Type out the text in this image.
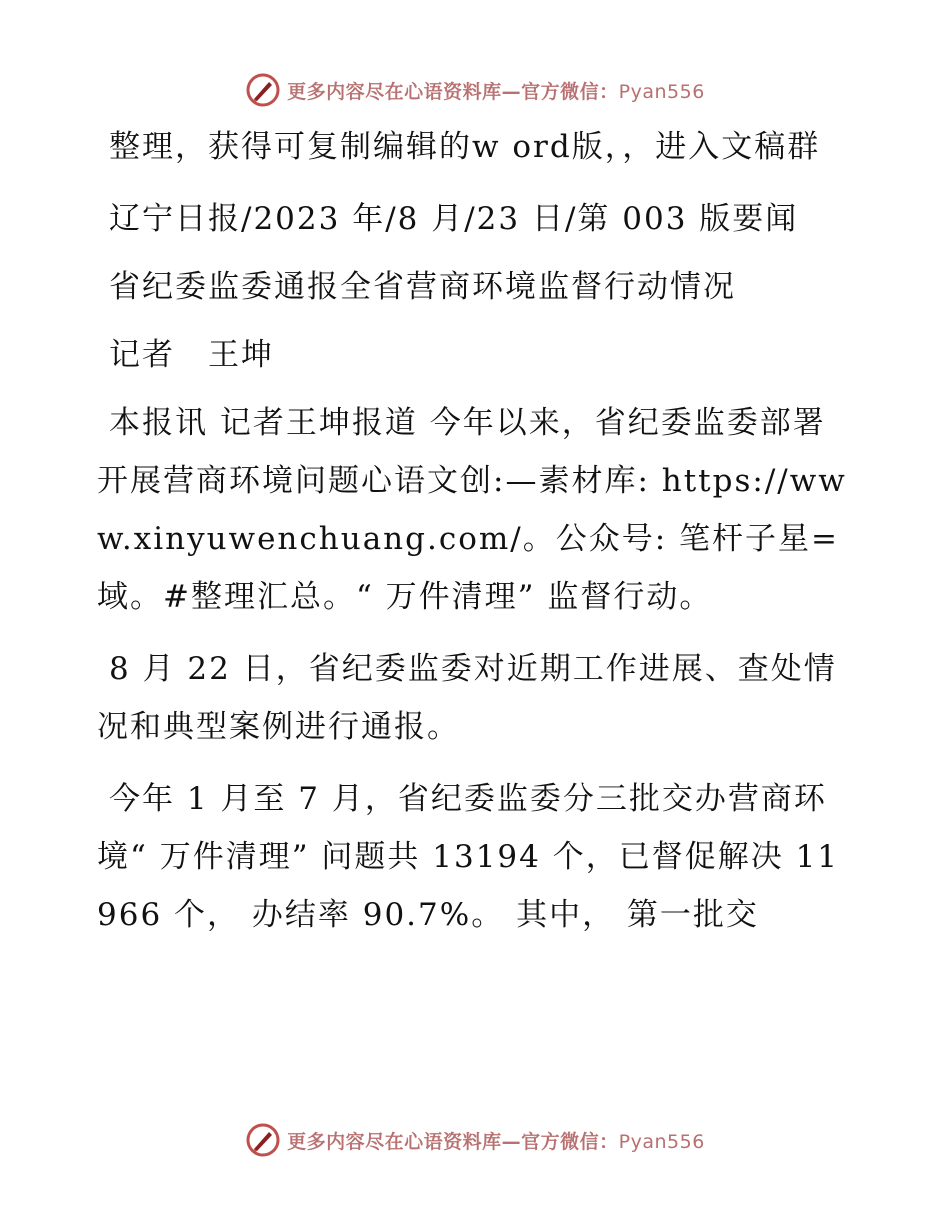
更多内容尽在心语资料库—官方微信：Pyan556

整理，获得可复制编辑的w ord版，，进入文稿群

辽宁日报/2023 年/8 月/23 日/第 003 版要闻

省纪委监委通报全省营商环境监督行动情况

记者　王坤

本报讯 记者王坤报道 今年以来，省纪委监委部署开展营商环境问题心语文创:—素材库: https://www.xinyuwenchuang.com/。公众号: 笔杆子星=域。#整理汇总。“ 万件清理” 监督行动。

8 月 22 日，省纪委监委对近期工作进展、查处情况和典型案例进行通报。

今年 1 月至 7 月，省纪委监委分三批交办营商环境“ 万件清理” 问题共 13194 个，已督促解决 11966 个， 办结率 90.7%。 其中， 第一批交

更多内容尽在心语资料库—官方微信：Pyan556
